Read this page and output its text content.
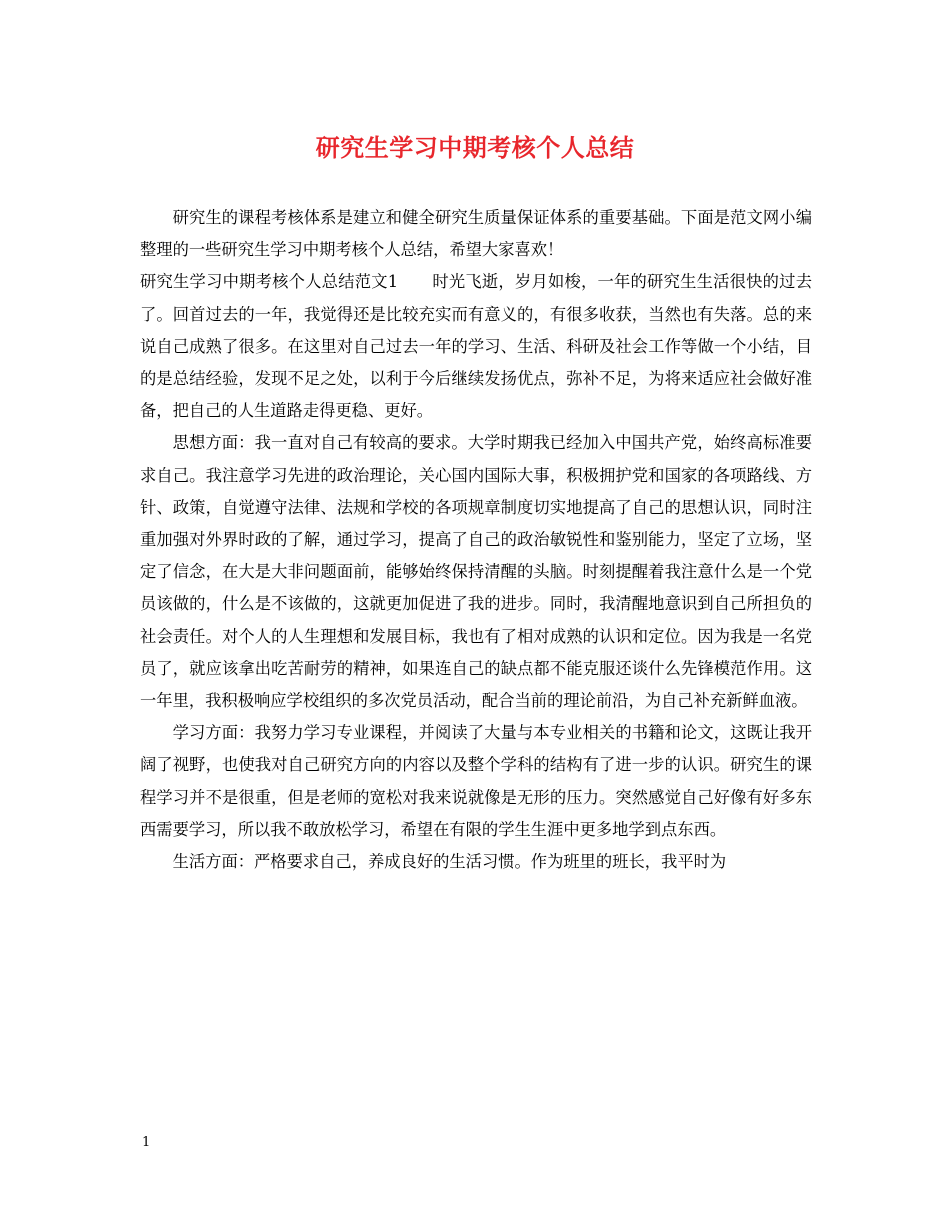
研究生学习中期考核个人总结

研究生的课程考核体系是建立和健全研究生质量保证体系的重要基础。下面是范文网小编整理的一些研究生学习中期考核个人总结，希望大家喜欢！

研究生学习中期考核个人总结范文1 时光飞逝，岁月如梭，一年的研究生生活很快的过去了。回首过去的一年，我觉得还是比较充实而有意义的，有很多收获，当然也有失落。总的来说自己成熟了很多。在这里对自己过去一年的学习、生活、科研及社会工作等做一个小结，目的是总结经验，发现不足之处，以利于今后继续发扬优点，弥补不足，为将来适应社会做好准备，把自己的人生道路走得更稳、更好。

思想方面：我一直对自己有较高的要求。大学时期我已经加入中国共产党，始终高标准要求自己。我注意学习先进的政治理论，关心国内国际大事，积极拥护党和国家的各项路线、方针、政策，自觉遵守法律、法规和学校的各项规章制度切实地提高了自己的思想认识，同时注重加强对外界时政的了解，通过学习，提高了自己的政治敏锐性和鉴别能力，坚定了立场，坚定了信念，在大是大非问题面前，能够始终保持清醒的头脑。时刻提醒着我注意什么是一个党员该做的，什么是不该做的，这就更加促进了我的进步。同时，我清醒地意识到自己所担负的社会责任。对个人的人生理想和发展目标，我也有了相对成熟的认识和定位。因为我是一名党员了，就应该拿出吃苦耐劳的精神，如果连自己的缺点都不能克服还谈什么先锋模范作用。这一年里，我积极响应学校组织的多次党员活动，配合当前的理论前沿，为自己补充新鲜血液。

学习方面：我努力学习专业课程，并阅读了大量与本专业相关的书籍和论文，这既让我开阔了视野，也使我对自己研究方向的内容以及整个学科的结构有了进一步的认识。研究生的课程学习并不是很重，但是老师的宽松对我来说就像是无形的压力。突然感觉自己好像有好多东西需要学习，所以我不敢放松学习，希望在有限的学生生涯中更多地学到点东西。

生活方面：严格要求自己，养成良好的生活习惯。作为班里的班长，我平时为

1
